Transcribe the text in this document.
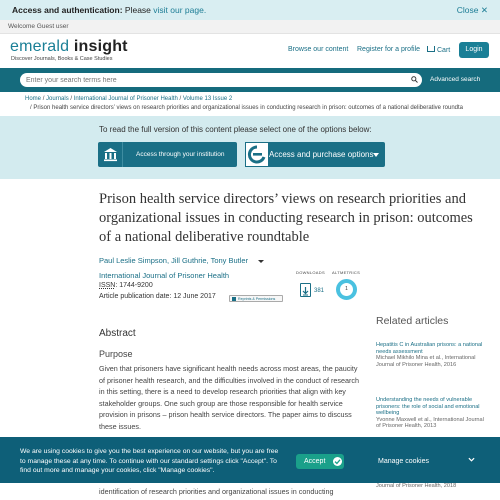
Access and authentication: Please visit our page.	Close ✕
Welcome Guest user
emerald insight
Discover Journals, Books & Case Studies
Browse our content Register for a profile	Cart	Login
Enter your search terms here
Advanced search
Home / Journals / International Journal of Prisoner Health / Volume 13 Issue 2
/ Prison health service directors’ views on research priorities and organizational issues in conducting research in prison: outcomes of a national deliberative roundta
To read the full version of this content please select one of the options below:
Access through your institution	Access and purchase options
Prison health service directors’ views on research priorities and organizational issues in conducting research in prison: outcomes of a national deliberative roundtable
Paul Leslie Simpson, Jill Guthrie, Tony Butler
International Journal of Prisoner Health
ISSN: 1744-9200
Article publication date: 12 June 2017	Reprints & Permissions
DOWNLOADS
381
ALTMETRICS
1
Abstract
Purpose

Given that prisoners have significant health needs across most areas, the paucity of prisoner health research, and the difficulties involved in the conduct of research in this setting, there is a need to develop research priorities that align with key stakeholder groups. One such group are those responsible for health service provision in prisons – prison health service directors. The paper aims to discuss these issues.

Related articles
Hepatitis C in Australian prisons: a national needs assessment
Michael Mikhilo Mina et al., International Journal of Prisoner Health, 2016
Understanding the needs of vulnerable prisoners: the role of social and emotional wellbeing
Yvonne Maxwell et al., International Journal of Prisoner Health, 2013
We are using cookies to give you the best experience on our website, but you are free to manage these at any time. To continue with our standard settings click "Accept". To find out more and manage your cookies, click "Manage cookies".
Accept	Manage cookies
identification of research priorities and organizational issues in conducting
Journal of Prisoner Health, 2018
